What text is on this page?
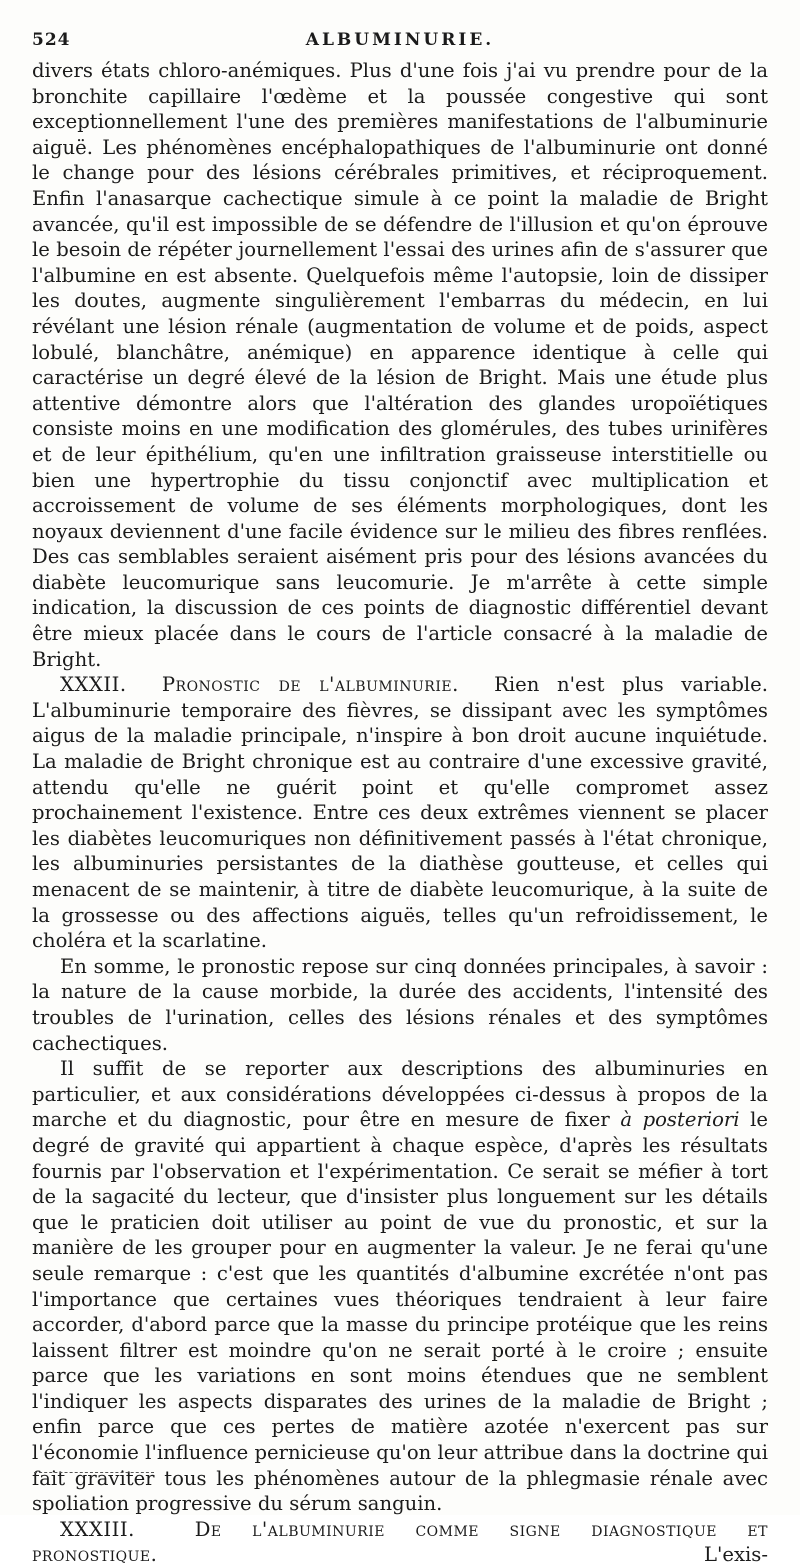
524	ALBUMINURIE.

divers états chloro-anémiques. Plus d'une fois j'ai vu prendre pour de la bronchite capillaire l'œdème et la poussée congestive qui sont exceptionnellement l'une des premières manifestations de l'albuminurie aiguë. Les phénomènes encéphalopathiques de l'albuminurie ont donné le change pour des lésions cérébrales primitives, et réciproquement. Enfin l'anasarque cachectique simule à ce point la maladie de Bright avancée, qu'il est impossible de se défendre de l'illusion et qu'on éprouve le besoin de répéter journellement l'essai des urines afin de s'assurer que l'albumine en est absente. Quelquefois même l'autopsie, loin de dissiper les doutes, augmente singulièrement l'embarras du médecin, en lui révélant une lésion rénale (augmentation de volume et de poids, aspect lobulé, blanchâtre, anémique) en apparence identique à celle qui caractérise un degré élevé de la lésion de Bright. Mais une étude plus attentive démontre alors que l'altération des glandes uropoïétiques consiste moins en une modification des glomérules, des tubes urinifères et de leur épithélium, qu'en une infiltration graisseuse interstitielle ou bien une hypertrophie du tissu conjonctif avec multiplication et accroissement de volume de ses éléments morphologiques, dont les noyaux deviennent d'une facile évidence sur le milieu des fibres renflées. Des cas semblables seraient aisément pris pour des lésions avancées du diabète leucomurique sans leucomurie. Je m'arrête à cette simple indication, la discussion de ces points de diagnostic différentiel devant être mieux placée dans le cours de l'article consacré à la maladie de Bright.

XXXII. Pronostic de l'albuminurie. Rien n'est plus variable. L'albuminurie temporaire des fièvres, se dissipant avec les symptômes aigus de la maladie principale, n'inspire à bon droit aucune inquiétude. La maladie de Bright chronique est au contraire d'une excessive gravité, attendu qu'elle ne guérit point et qu'elle compromet assez prochainement l'existence. Entre ces deux extrêmes viennent se placer les diabètes leucomuriques non définitivement passés à l'état chronique, les albuminuries persistantes de la diathèse goutteuse, et celles qui menacent de se maintenir, à titre de diabète leucomurique, à la suite de la grossesse ou des affections aiguës, telles qu'un refroidissement, le choléra et la scarlatine.

En somme, le pronostic repose sur cinq données principales, à savoir : la nature de la cause morbide, la durée des accidents, l'intensité des troubles de l'urination, celles des lésions rénales et des symptômes cachectiques.

Il suffit de se reporter aux descriptions des albuminuries en particulier, et aux considérations développées ci-dessus à propos de la marche et du diagnostic, pour être en mesure de fixer à posteriori le degré de gravité qui appartient à chaque espèce, d'après les résultats fournis par l'observation et l'expérimentation. Ce serait se méfier à tort de la sagacité du lecteur, que d'insister plus longuement sur les détails que le praticien doit utiliser au point de vue du pronostic, et sur la manière de les grouper pour en augmenter la valeur. Je ne ferai qu'une seule remarque : c'est que les quantités d'albumine excrétée n'ont pas l'importance que certaines vues théoriques tendraient à leur faire accorder, d'abord parce que la masse du principe protéique que les reins laissent filtrer est moindre qu'on ne serait porté à le croire ; ensuite parce que les variations en sont moins étendues que ne semblent l'indiquer les aspects disparates des urines de la maladie de Bright ; enfin parce que ces pertes de matière azotée n'exercent pas sur l'économie l'influence pernicieuse qu'on leur attribue dans la doctrine qui fait graviter tous les phénomènes autour de la phlegmasie rénale avec spoliation progressive du sérum sanguin.

XXXIII.	De l'albuminurie comme signe diagnostique et pronostique.	L'exis-
